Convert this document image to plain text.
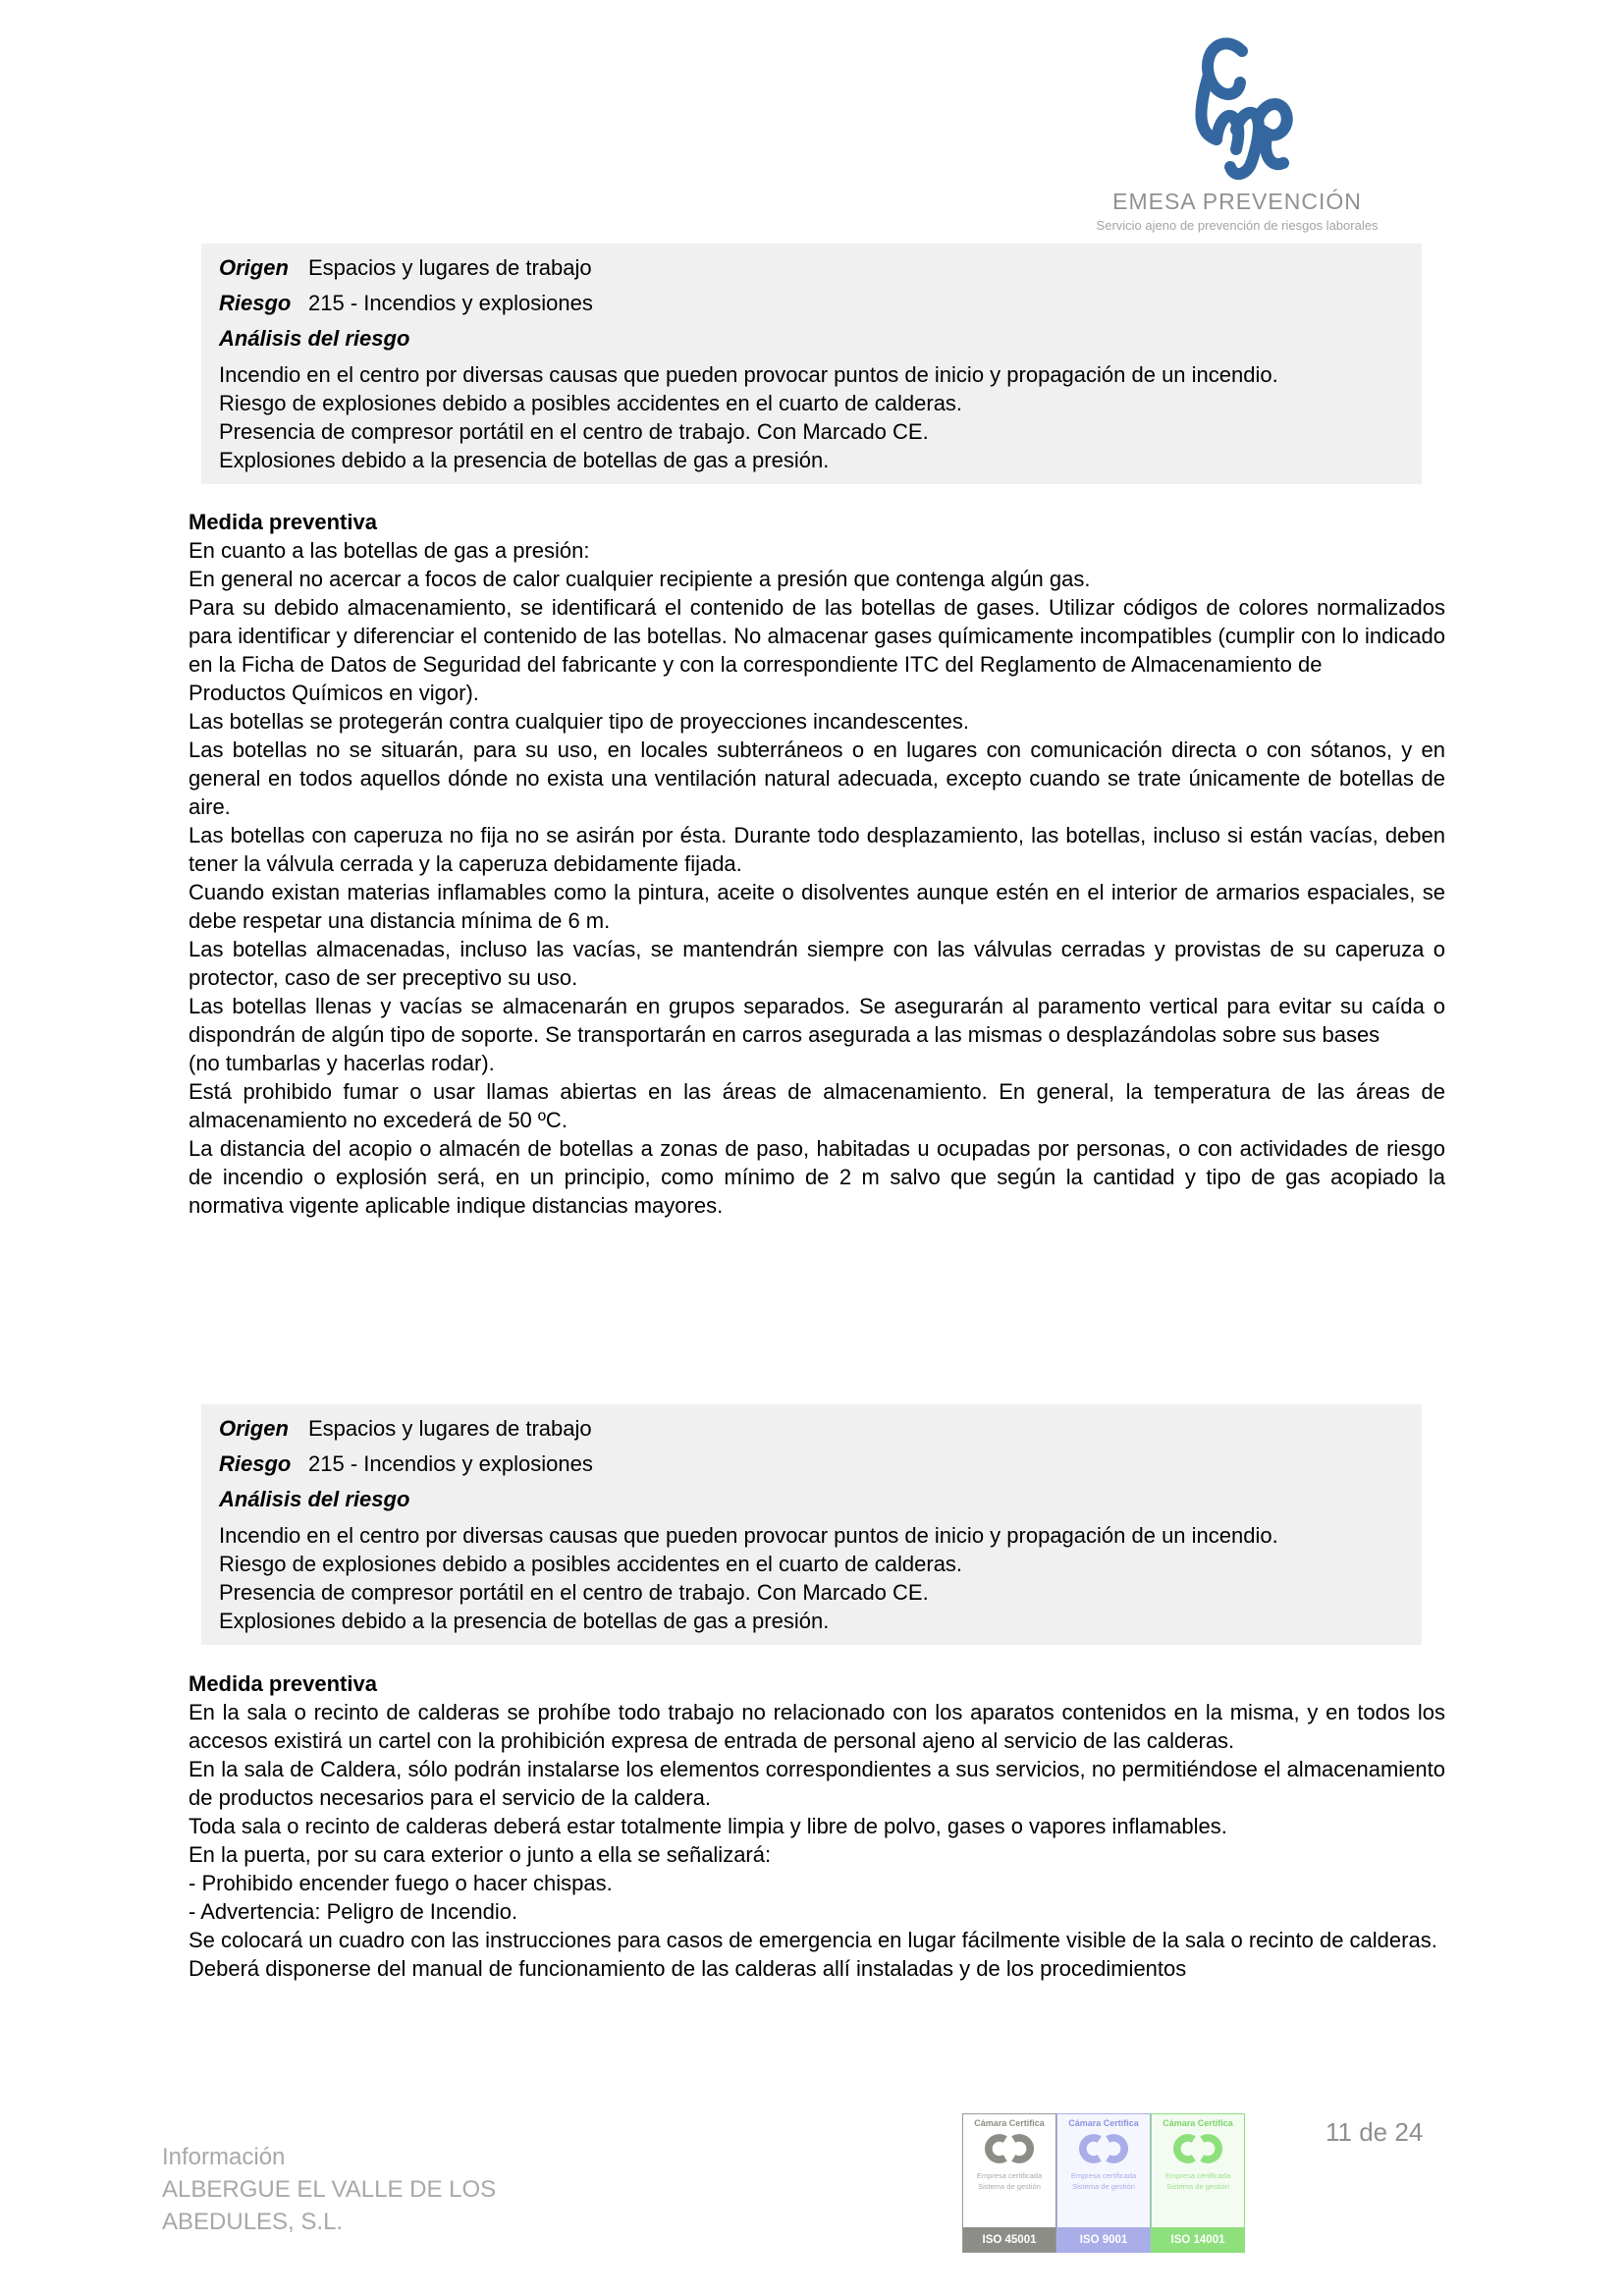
EMESA PREVENCIÓN
Servicio ajeno de prevención de riesgos laborales
Origen Espacios y lugares de trabajo
Riesgo 215 - Incendios y explosiones
Análisis del riesgo

Incendio en el centro por diversas causas que pueden provocar puntos de inicio y propagación de un incendio.

Riesgo de explosiones debido a posibles accidentes en el cuarto de calderas.

Presencia de compresor portátil en el centro de trabajo. Con Marcado CE.

Explosiones debido a la presencia de botellas de gas a presión.

Medida preventiva

En cuanto a las botellas de gas a presión:

En general no acercar a focos de calor cualquier recipiente a presión que contenga algún gas.

Para su debido almacenamiento, se identificará el contenido de las botellas de gases. Utilizar códigos de colores normalizados para identificar y diferenciar el contenido de las botellas. No almacenar gases químicamente incompatibles (cumplir con lo indicado en la Ficha de Datos de Seguridad del fabricante y con la correspondiente ITC del Reglamento de Almacenamiento de

Productos Químicos en vigor).

Las botellas se protegerán contra cualquier tipo de proyecciones incandescentes.

Las botellas no se situarán, para su uso, en locales subterráneos o en lugares con comunicación directa o con sótanos, y en general en todos aquellos dónde no exista una ventilación natural adecuada, excepto cuando se trate únicamente de botellas de aire.

Las botellas con caperuza no fija no se asirán por ésta. Durante todo desplazamiento, las botellas, incluso si están vacías, deben tener la válvula cerrada y la caperuza debidamente fijada.

Cuando existan materias inflamables como la pintura, aceite o disolventes aunque estén en el interior de armarios espaciales, se debe respetar una distancia mínima de 6 m.

Las botellas almacenadas, incluso las vacías, se mantendrán siempre con las válvulas cerradas y provistas de su caperuza o protector, caso de ser preceptivo su uso.

Las botellas llenas y vacías se almacenarán en grupos separados. Se asegurarán al paramento vertical para evitar su caída o dispondrán de algún tipo de soporte. Se transportarán en carros asegurada a las mismas o desplazándolas sobre sus bases

(no tumbarlas y hacerlas rodar).

Está prohibido fumar o usar llamas abiertas en las áreas de almacenamiento. En general, la temperatura de las áreas de almacenamiento no excederá de 50 ºC.

La distancia del acopio o almacén de botellas a zonas de paso, habitadas u ocupadas por personas, o con actividades de riesgo de incendio o explosión será, en un principio, como mínimo de 2 m salvo que según la cantidad y tipo de gas acopiado la normativa vigente aplicable indique distancias mayores.

Origen Espacios y lugares de trabajo
Riesgo 215 - Incendios y explosiones
Análisis del riesgo

Incendio en el centro por diversas causas que pueden provocar puntos de inicio y propagación de un incendio.

Riesgo de explosiones debido a posibles accidentes en el cuarto de calderas.

Presencia de compresor portátil en el centro de trabajo. Con Marcado CE.

Explosiones debido a la presencia de botellas de gas a presión.

Medida preventiva

En la sala o recinto de calderas se prohíbe todo trabajo no relacionado con los aparatos contenidos en la misma, y en todos los accesos existirá un cartel con la prohibición expresa de entrada de personal ajeno al servicio de las calderas.

En la sala de Caldera, sólo podrán instalarse los elementos correspondientes a sus servicios, no permitiéndose el almacenamiento de productos necesarios para el servicio de la caldera.

Toda sala o recinto de calderas deberá estar totalmente limpia y libre de polvo, gases o vapores inflamables.

En la puerta, por su cara exterior o junto a ella se señalizará:

- Prohibido encender fuego o hacer chispas.

- Advertencia: Peligro de Incendio.

Se colocará un cuadro con las instrucciones para casos de emergencia en lugar fácilmente visible de la sala o recinto de calderas.

Deberá disponerse del manual de funcionamiento de las calderas allí instaladas y de los procedimientos

Información
ALBERGUE EL VALLE DE LOS
ABEDULES, S.L.
Cámara Certifica
Empresa certificada
Sistema de gestión
ISO 45001
Cámara Certifica
Empresa certificada
Sistema de gestión
ISO 9001
Cámara Certifica
Empresa certificada
Sistema de gestión
ISO 14001
11 de 24
